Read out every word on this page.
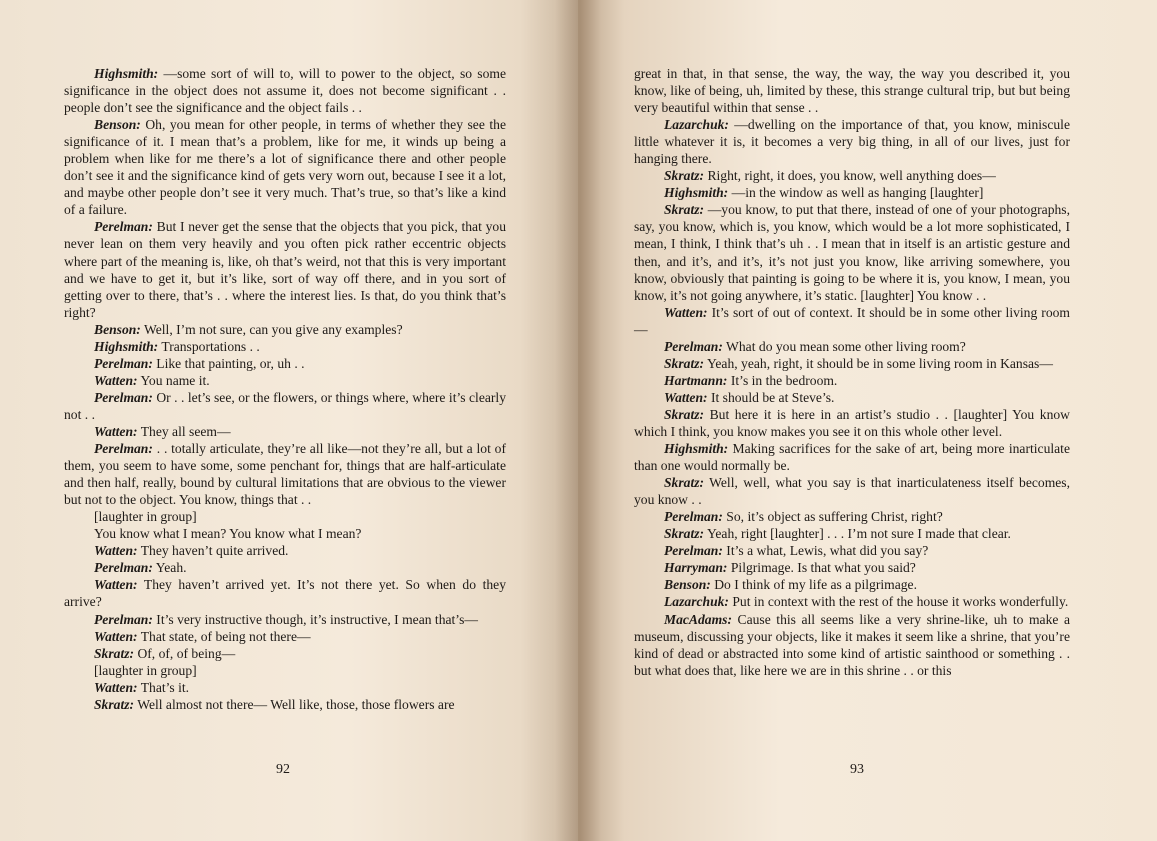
Highsmith: —some sort of will to, will to power to the object, so some significance in the object does not assume it, does not become significant . . people don’t see the significance and the object fails . .

Benson: Oh, you mean for other people, in terms of whether they see the significance of it. I mean that’s a problem, like for me, it winds up being a problem when like for me there’s a lot of significance there and other people don’t see it and the significance kind of gets very worn out, because I see it a lot, and maybe other people don’t see it very much. That’s true, so that’s like a kind of a failure.

Perelman: But I never get the sense that the objects that you pick, that you never lean on them very heavily and you often pick rather eccentric objects where part of the meaning is, like, oh that’s weird, not that this is very important and we have to get it, but it’s like, sort of way off there, and in you sort of getting over to there, that’s . . where the interest lies. Is that, do you think that’s right?

Benson: Well, I’m not sure, can you give any examples?

Highsmith: Transportations . .

Perelman: Like that painting, or, uh . .

Watten: You name it.

Perelman: Or . . let’s see, or the flowers, or things where, where it’s clearly not . .

Watten: They all seem—

Perelman: . . totally articulate, they’re all like—not they’re all, but a lot of them, you seem to have some, some penchant for, things that are half-articulate and then half, really, bound by cultural limitations that are obvious to the viewer but not to the object. You know, things that . .

[laughter in group]

You know what I mean? You know what I mean?

Watten: They haven’t quite arrived.

Perelman: Yeah.

Watten: They haven’t arrived yet. It’s not there yet. So when do they arrive?

Perelman: It’s very instructive though, it’s instructive, I mean that’s—

Watten: That state, of being not there—

Skratz: Of, of, of being—

[laughter in group]

Watten: That’s it.

Skratz: Well almost not there— Well like, those, those flowers are

92

great in that, in that sense, the way, the way, the way you described it, you know, like of being, uh, limited by these, this strange cultural trip, but but being very beautiful within that sense . .

Lazarchuk: —dwelling on the importance of that, you know, miniscule little whatever it is, it becomes a very big thing, in all of our lives, just for hanging there.

Skratz: Right, right, it does, you know, well anything does—

Highsmith: —in the window as well as hanging [laughter]

Skratz: —you know, to put that there, instead of one of your photographs, say, you know, which is, you know, which would be a lot more sophisticated, I mean, I think, I think that’s uh . . I mean that in itself is an artistic gesture and then, and it’s, and it’s, it’s not just you know, like arriving somewhere, you know, obviously that painting is going to be where it is, you know, I mean, you know, it’s not going anywhere, it’s static. [laughter] You know . .

Watten: It’s sort of out of context. It should be in some other living room—

Perelman: What do you mean some other living room?

Skratz: Yeah, yeah, right, it should be in some living room in Kansas—

Hartmann: It’s in the bedroom.

Watten: It should be at Steve’s.

Skratz: But here it is here in an artist’s studio . . [laughter] You know which I think, you know makes you see it on this whole other level.

Highsmith: Making sacrifices for the sake of art, being more inarticulate than one would normally be.

Skratz: Well, well, what you say is that inarticulateness itself becomes, you know . .

Perelman: So, it’s object as suffering Christ, right?

Skratz: Yeah, right [laughter] . . . I’m not sure I made that clear.

Perelman: It’s a what, Lewis, what did you say?

Harryman: Pilgrimage. Is that what you said?

Benson: Do I think of my life as a pilgrimage.

Lazarchuk: Put in context with the rest of the house it works wonderfully.

MacAdams: Cause this all seems like a very shrine-like, uh to make a museum, discussing your objects, like it makes it seem like a shrine, that you’re kind of dead or abstracted into some kind of artistic sainthood or something . . but what does that, like here we are in this shrine . . or this

93
